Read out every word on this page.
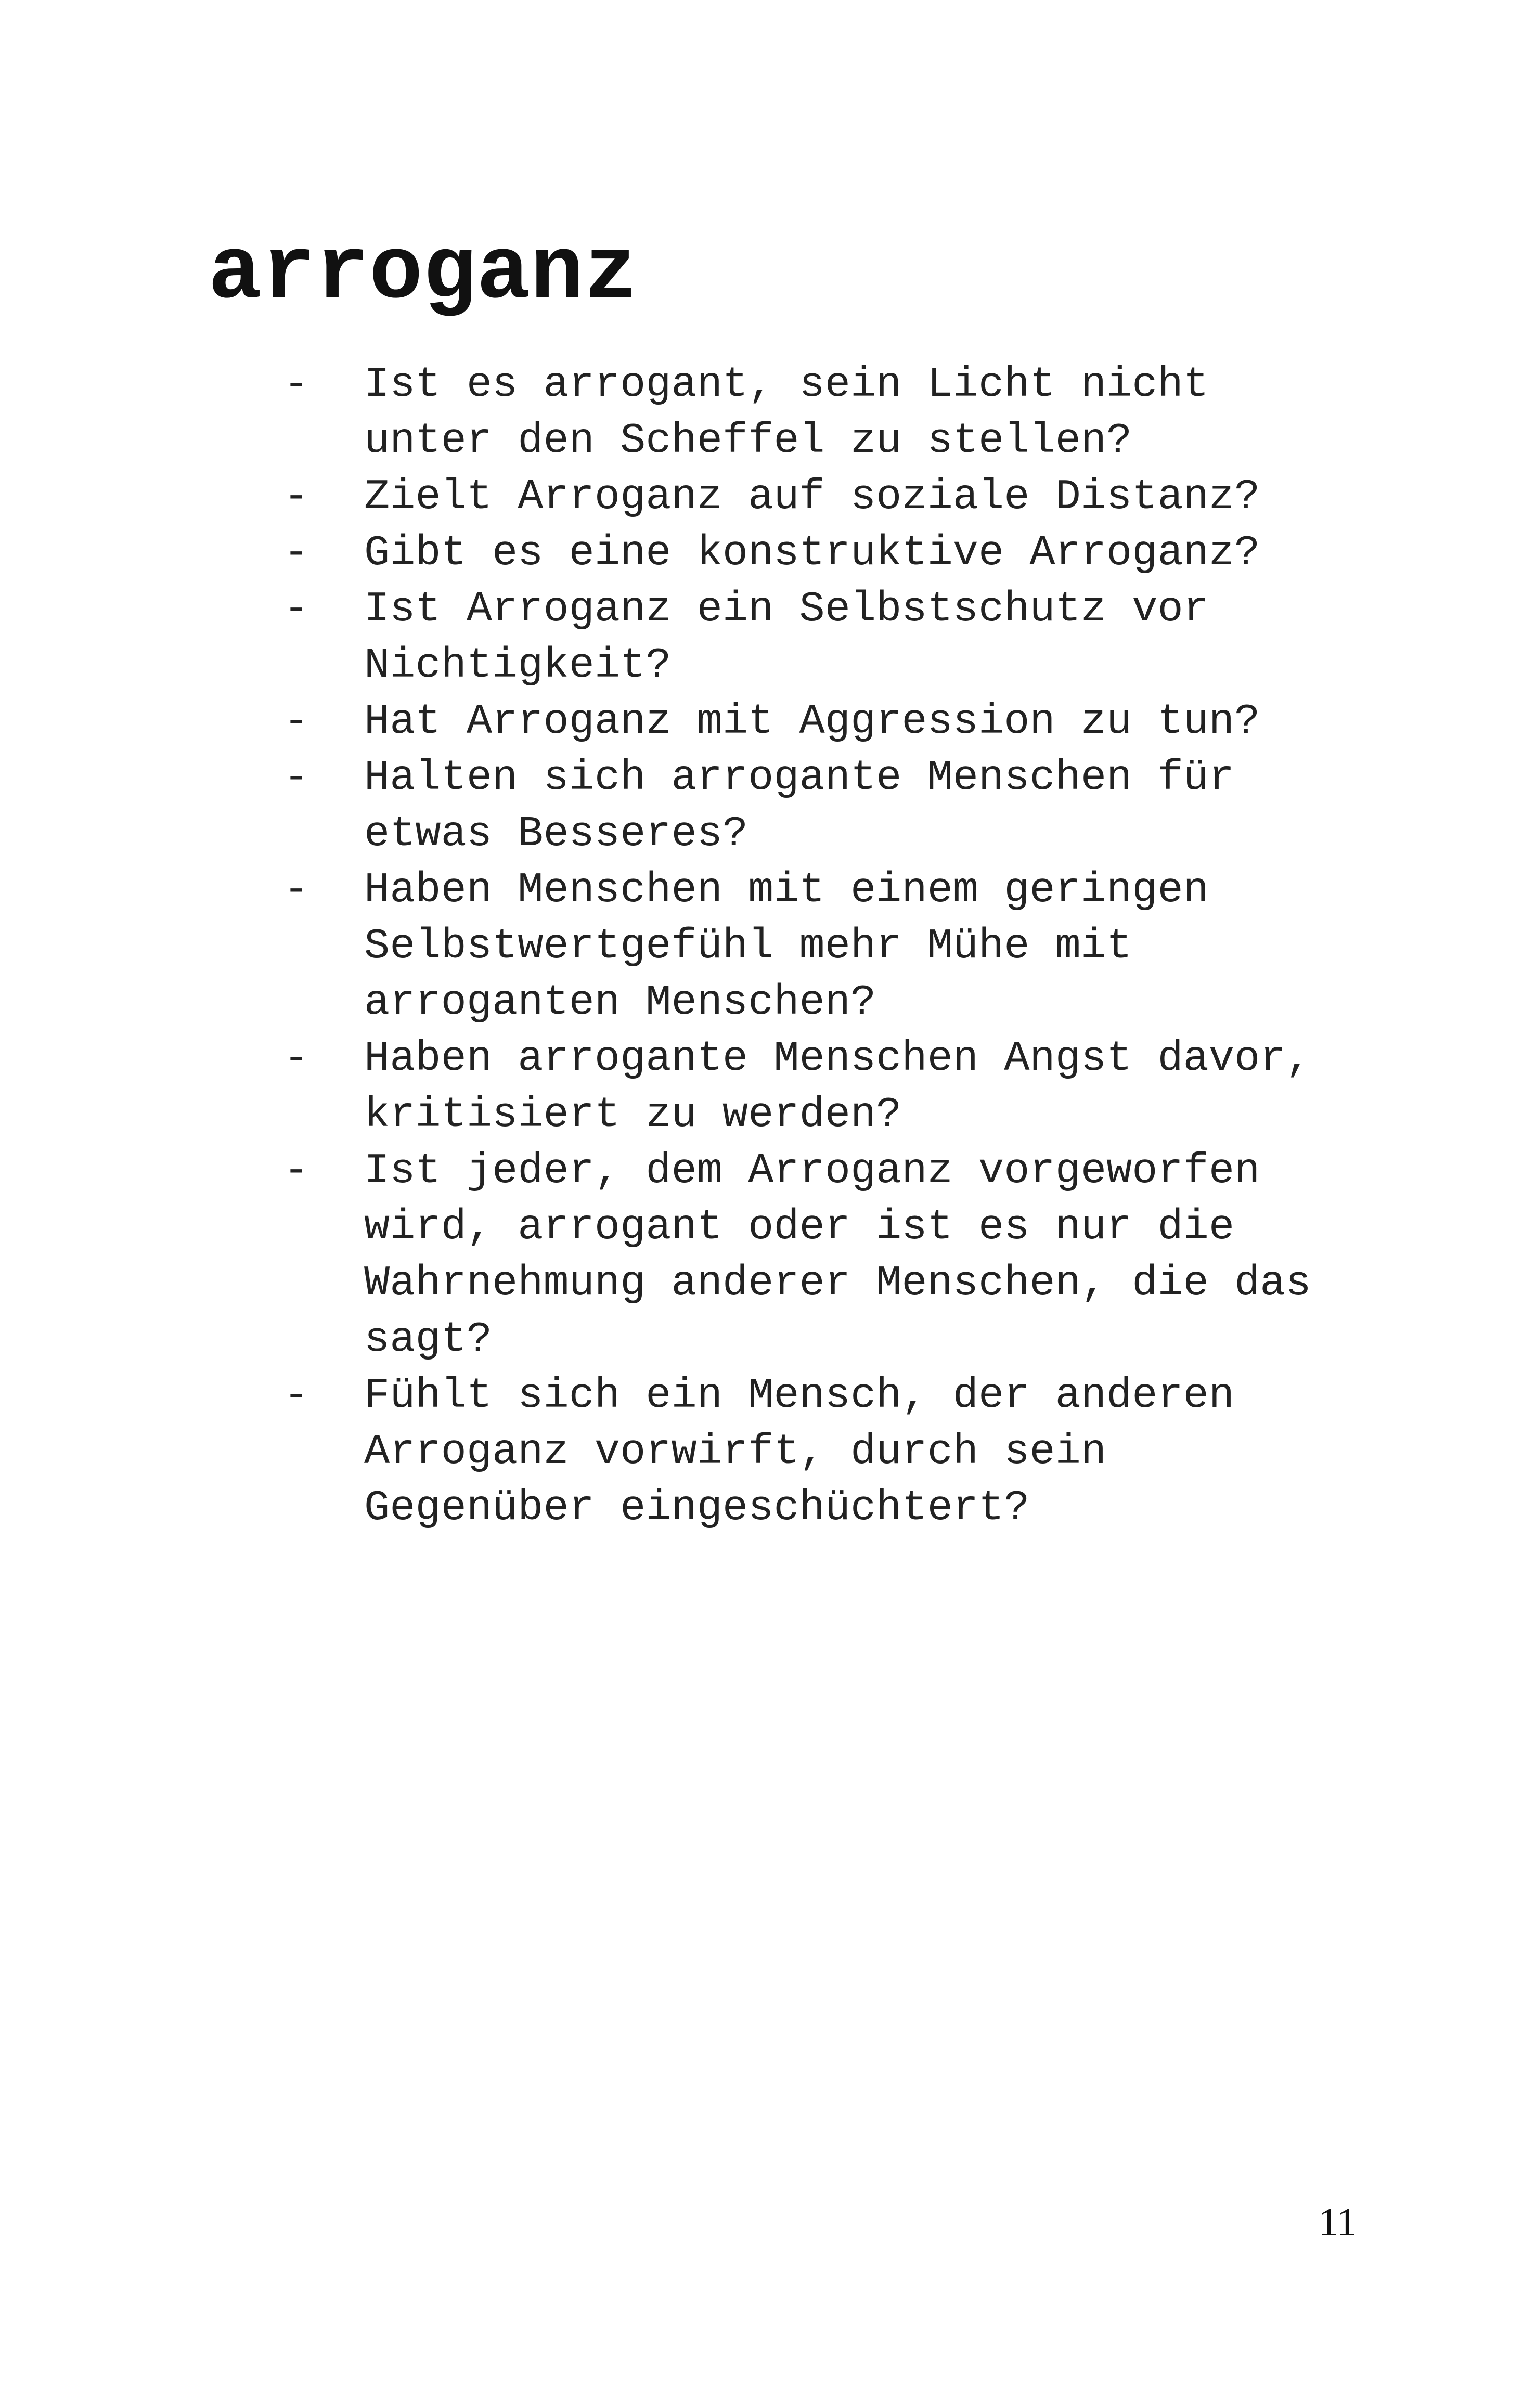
arroganz
- Ist es arrogant, sein Licht nicht
unter den Scheffel zu stellen?
- Zielt Arroganz auf soziale Distanz?
- Gibt es eine konstruktive Arroganz?
- Ist Arroganz ein Selbstschutz vor
Nichtigkeit?
- Hat Arroganz mit Aggression zu tun?
- Halten sich arrogante Menschen für
etwas Besseres?
- Haben Menschen mit einem geringen
Selbstwertgefühl mehr Mühe mit
arroganten Menschen?
- Haben arrogante Menschen Angst davor,
kritisiert zu werden?
- Ist jeder, dem Arroganz vorgeworfen
wird, arrogant oder ist es nur die
Wahrnehmung anderer Menschen, die das
sagt?
- Fühlt sich ein Mensch, der anderen
Arroganz vorwirft, durch sein
Gegenüber eingeschüchtert?
11
